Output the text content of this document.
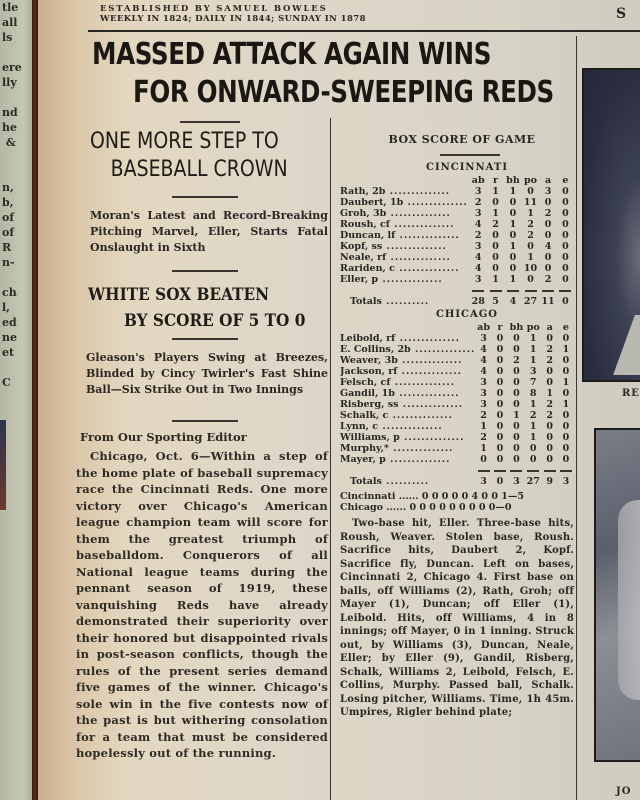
tle
all
ls

ere
lly

nd
he
&

n,
b,
of
of
R
n-

ch
l,
ed
ne
et

C
ESTABLISHED BY SAMUEL BOWLES
WEEKLY IN 1824; DAILY IN 1844; SUNDAY IN 1878	S
MASSED ATTACK AGAIN WINS
FOR ONWARD-SWEEPING REDS
ONE MORE STEP TO
BASEBALL CROWN
Moran's Latest and Record-Breaking Pitching Marvel, Eller, Starts Fatal Onslaught in Sixth
WHITE SOX BEATEN
BY SCORE OF 5 TO 0
Gleason's Players Swing at Breezes, Blinded by Cincy Twirler's Fast Shine Ball—Six Strike Out in Two Innings
From Our Sporting Editor

Chicago, Oct. 6—Within a step of the home plate of baseball supremacy race the Cincinnati Reds. One more victory over Chicago's American league champion team will score for them the greatest triumph of baseballdom. Conquerors of all National league teams during the pennant season of 1919, these vanquishing Reds have already demonstrated their superiority over their honored but disappointed rivals in post-season conflicts, though the rules of the present series demand five games of the winner. Chicago's sole win in the five contests now of the past is but withering consolation for a team that must be considered hopelessly out of the running.

BOX SCORE OF GAME
CINCINNATI
	ab	r	bh	po	a	e
Rath, 2b ..............	3	1	1	0	3	0
Daubert, 1b ..............	2	0	0	11	0	0
Groh, 3b ..............	3	1	0	1	2	0
Roush, cf ..............	4	2	1	2	0	0
Duncan, lf ..............	2	0	0	2	0	0
Kopf, ss ..............	3	0	1	0	4	0
Neale, rf ..............	4	0	0	1	0	0
Rariden, c ..............	4	0	0	10	0	0
Eller, p ..............	3	1	1	0	2	0

Totals ..........	28	5	4	27	11	0
CHICAGO
	ab	r	bh	po	a	e
Leibold, rf ..............	3	0	0	1	0	0
E. Collins, 2b ..............	4	0	0	1	2	1
Weaver, 3b ..............	4	0	2	1	2	0
Jackson, rf ..............	4	0	0	3	0	0
Felsch, cf ..............	3	0	0	7	0	1
Gandil, 1b ..............	3	0	0	8	1	0
Risberg, ss ..............	3	0	0	1	2	1
Schalk, c ..............	2	0	1	2	2	0
Lynn, c ..............	1	0	0	1	0	0
Williams, p ..............	2	0	0	1	0	0
Murphy,* ..............	1	0	0	0	0	0
Mayer, p ..............	0	0	0	0	0	0

Totals ..........	3	0	3	27	9	3
Cincinnati ...... 0 0 0 0 0 4 0 0 1—5
Chicago ...... 0 0 0 0 0 0 0 0 0—0

Two-base hit, Eller. Three-base hits, Roush, Weaver. Stolen base, Roush. Sacrifice hits, Daubert 2, Kopf. Sacrifice fly, Duncan. Left on bases, Cincinnati 2, Chicago 4. First base on balls, off Williams (2), Rath, Groh; off Mayer (1), Duncan; off Eller (1), Leibold. Hits, off Williams, 4 in 8 innings; off Mayer, 0 in 1 inning. Struck out, by Williams (3), Duncan, Neale, Eller; by Eller (9), Gandil, Risberg, Schalk, Williams 2, Leibold, Felsch, E. Collins, Murphy. Passed ball, Schalk. Losing pitcher, Williams. Time, 1h 45m. Umpires, Rigler behind plate;

RE
JO
